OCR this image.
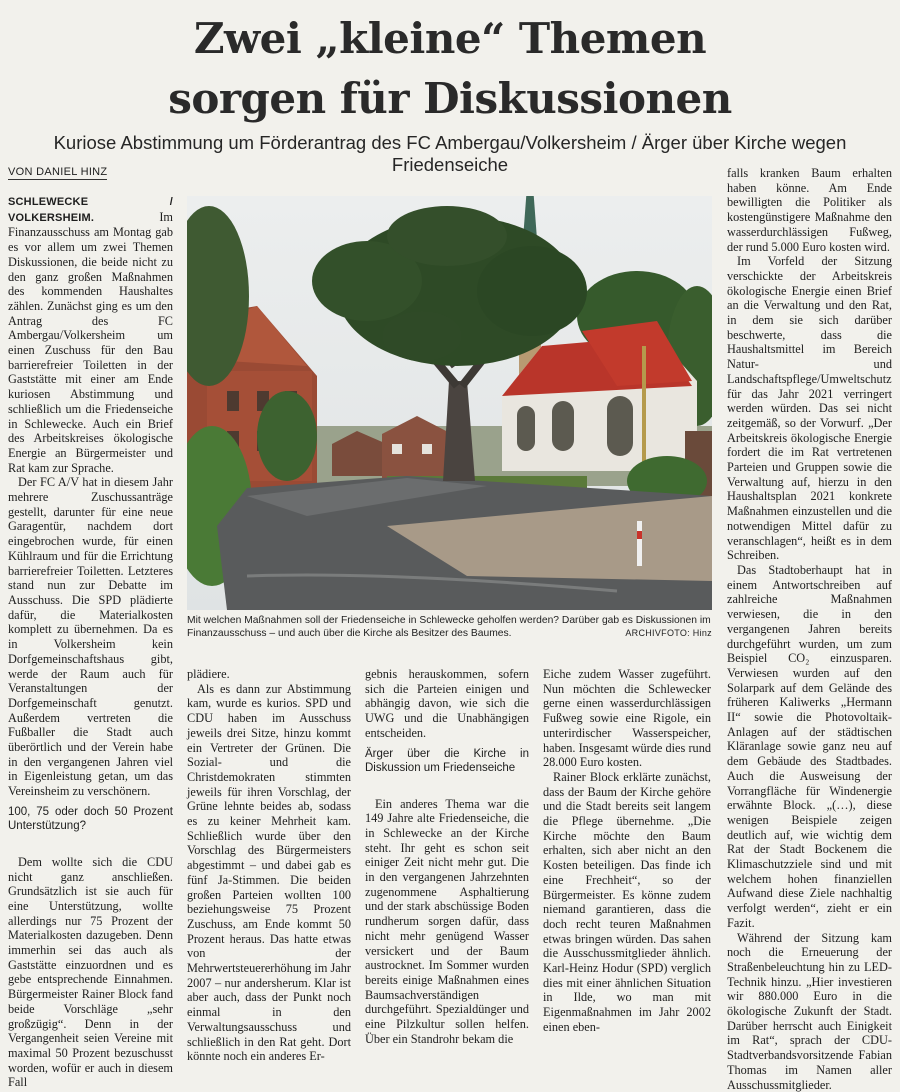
Zwei „kleine“ Themen
sorgen für Diskussionen
Kuriose Abstimmung um Förderantrag des FC Ambergau/Volkersheim / Ärger über Kirche wegen Friedenseiche
VON DANIEL HINZ

SCHLEWECKE / VOLKERSHEIM.	Im Finanzausschuss am Montag gab es vor allem um zwei Themen Diskussionen, die beide nicht zu den ganz großen Maßnahmen des kommenden Haushaltes zählen. Zunächst ging es um den Antrag des FC Ambergau/Volkersheim um einen Zuschuss für den Bau barrierefreier Toiletten in der Gaststätte mit einer am Ende kuriosen Abstimmung und schließlich um die Friedenseiche in Schlewecke. Auch ein Brief des Arbeitskreises ökologische Energie an Bürgermeister und Rat kam zur Sprache.

Der FC A/V hat in diesem Jahr mehrere Zuschussanträge gestellt, darunter für eine neue Garagentür, nachdem dort eingebrochen wurde, für einen Kühlraum und für die Errichtung barrierefreier Toiletten. Letzteres stand nun zur Debatte im Ausschuss. Die SPD plädierte dafür, die Materialkosten komplett zu übernehmen. Da es in Volkersheim kein Dorfgemeinschaftshaus gibt, werde der Raum auch für Veranstaltungen der Dorfgemeinschaft genutzt. Außerdem vertreten die Fußballer die Stadt auch überörtlich und der Verein habe in den vergangenen Jahren viel in Eigenleistung getan, um das Vereinsheim zu verschönern.

100, 75 oder doch 50 Prozent Unterstützung?

Dem wollte sich die CDU nicht ganz anschließen. Grundsätzlich ist sie auch für eine Unterstützung, wollte allerdings nur 75 Prozent der Materialkosten dazugeben. Denn immerhin sei das auch als Gaststätte einzuordnen und es gebe entsprechende Einnahmen. Bürgermeister Rainer Block fand beide Vorschläge „sehr großzügig“. Denn in der Vergangenheit seien Vereine mit maximal 50 Prozent bezuschusst worden, wofür er auch in diesem Fall

Mit welchen Maßnahmen soll der Friedenseiche in Schlewecke geholfen werden? Darüber gab es Diskussionen im Finanzausschuss – und auch über die Kirche als Besitzer des Baumes.	ARCHIVFOTO: Hinz

plädiere.

Als es dann zur Abstimmung kam, wurde es kurios. SPD und CDU haben im Ausschuss jeweils drei Sitze, hinzu kommt ein Vertreter der Grünen. Die Sozial- und die Christdemokraten stimmten jeweils für ihren Vorschlag, der Grüne lehnte beides ab, sodass es zu keiner Mehrheit kam. Schließlich wurde über den Vorschlag des Bürgermeisters abgestimmt – und dabei gab es fünf Ja-Stimmen. Die beiden großen Parteien wollten 100 beziehungsweise 75 Prozent Zuschuss, am Ende kommt 50 Prozent heraus. Das hatte etwas von der Mehrwertsteuererhöhung im Jahr 2007 – nur andersherum. Klar ist aber auch, dass der Punkt noch einmal in den Verwaltungsausschuss und schließlich in den Rat geht. Dort könnte noch ein anderes Er-

gebnis herauskommen, sofern sich die Parteien einigen und abhängig davon, wie sich die UWG und die Unabhängigen entscheiden.

Ärger über die Kirche in Diskussion um Friedenseiche

Ein anderes Thema war die 149 Jahre alte Friedenseiche, die in Schlewecke an der Kirche steht. Ihr geht es schon seit einiger Zeit nicht mehr gut. Die in den vergangenen Jahrzehnten zugenommene Asphaltierung und der stark abschüssige Boden rundherum sorgen dafür, dass nicht mehr genügend Wasser versickert und der Baum austrocknet. Im Sommer wurden bereits einige Maßnahmen eines Baumsachverständigen durchgeführt. Spezialdünger und eine Pilzkultur sollen helfen. Über ein Standrohr bekam die

Eiche zudem Wasser zugeführt. Nun möchten die Schlewecker gerne einen wasserdurchlässigen Fußweg sowie eine Rigole, ein unterirdischer Wasserspeicher, haben. Insgesamt würde dies rund 28.000 Euro kosten.

Rainer Block erklärte zunächst, dass der Baum der Kirche gehöre und die Stadt bereits seit langem die Pflege übernehme. „Die Kirche möchte den Baum erhalten, sich aber nicht an den Kosten beteiligen. Das finde ich eine Frechheit“, so der Bürgermeister. Es könne zudem niemand garantieren, dass die doch recht teuren Maßnahmen etwas bringen würden. Das sahen die Ausschussmitglieder ähnlich. Karl-Heinz Hodur (SPD) verglich dies mit einer ähnlichen Situation in Ilde, wo man mit Eigenmaßnahmen im Jahr 2002 einen eben-

falls kranken Baum erhalten haben könne. Am Ende bewilligten die Politiker als kostengünstigere Maßnahme den wasserdurchlässigen Fußweg, der rund 5.000 Euro kosten wird.

Im Vorfeld der Sitzung verschickte der Arbeitskreis ökologische Energie einen Brief an die Verwaltung und den Rat, in dem sie sich darüber beschwerte, dass die Haushaltsmittel im Bereich Natur- und Landschaftspflege/Umweltschutz für das Jahr 2021 verringert werden würden. Das sei nicht zeitgemäß, so der Vorwurf. „Der Arbeitskreis ökologische Energie fordert die im Rat vertretenen Parteien und Gruppen sowie die Verwaltung auf, hierzu in den Haushaltsplan 2021 konkrete Maßnahmen einzustellen und die notwendigen Mittel dafür zu veranschlagen“, heißt es in dem Schreiben.

Das Stadtoberhaupt hat in einem Antwortschreiben auf zahlreiche Maßnahmen verwiesen, die in den vergangenen Jahren bereits durchgeführt wurden, um zum Beispiel CO₂ einzusparen. Verwiesen wurden auf den Solarpark auf dem Gelände des früheren Kaliwerks „Hermann II“ sowie die Photovoltaik-Anlagen auf der städtischen Kläranlage sowie ganz neu auf dem Gebäude des Stadtbades. Auch die Ausweisung der Vorrangfläche für Windenergie erwähnte Block. „(…), diese wenigen Beispiele zeigen deutlich auf, wie wichtig dem Rat der Stadt Bockenem die Klimaschutzziele sind und mit welchem hohen finanziellen Aufwand diese Ziele nachhaltig verfolgt werden“, zieht er ein Fazit.

Während der Sitzung kam noch die Erneuerung der Straßenbeleuchtung hin zu LED-Technik hinzu. „Hier investieren wir 880.000 Euro in die ökologische Zukunft der Stadt. Darüber herrscht auch Einigkeit im Rat“, sprach der CDU-Stadtverbandsvorsitzende Fabian Thomas im Namen aller Ausschussmitglieder.
